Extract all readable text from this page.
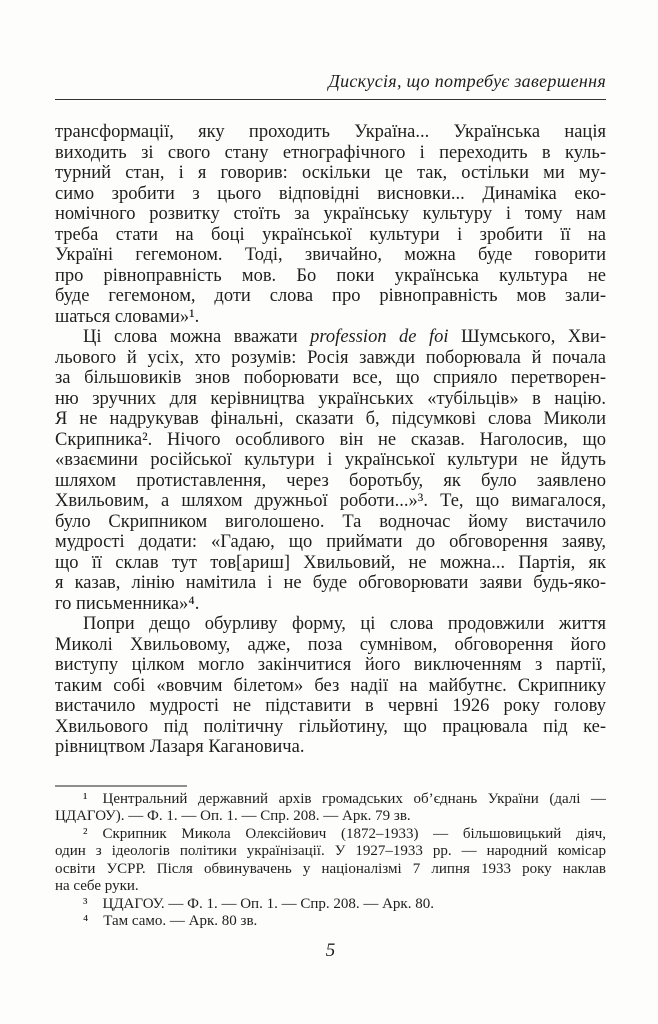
Дискусія, що потребує завершення
трансформації, яку проходить Україна... Українська нація
виходить зі свого стану етнографічного і переходить в куль-
турний стан, і я говорив: оскільки це так, остільки ми му-
симо зробити з цього відповідні висновки... Динаміка еко-
номічного розвитку стоїть за українську культуру і тому нам
треба стати на боці української культури і зробити її на
Україні гегемоном. Тоді, звичайно, можна буде говорити
про рівноправність мов. Бо поки українська культура не
буде гегемоном, доти слова про рівноправність мов зали-
шаться словами»¹.
Ці слова можна вважати profession de foi Шумського, Хви-
льового й усіх, хто розумів: Росія завжди поборювала й почала
за більшовиків знов поборювати все, що сприяло перетворен-
ню зручних для керівництва українських «тубільців» в націю.
Я не надрукував фінальні, сказати б, підсумкові слова Миколи
Скрипника². Нічого особливого він не сказав. Наголосив, що
«взаємини російської культури і української культури не йдуть
шляхом протиставлення, через боротьбу, як було заявлено
Хвильовим, а шляхом дружньої роботи...»³. Те, що вимагалося,
було Скрипником виголошено. Та водночас йому вистачило
мудрості додати: «Гадаю, що приймати до обговорення заяву,
що її склав тут тов[ариш] Хвильовий, не можна... Партія, як
я казав, лінію намітила і не буде обговорювати заяви будь-яко-
го письменника»⁴.
Попри дещо обурливу форму, ці слова продовжили життя
Миколі Хвильовому, адже, поза сумнівом, обговорення його
виступу цілком могло закінчитися його виключенням з партії,
таким собі «вовчим білетом» без надії на майбутнє. Скрипнику
вистачило мудрості не підставити в червні 1926 року голову
Хвильового під політичну гільйотину, що працювала під ке-
рівництвом Лазаря Кагановича.
¹ Центральний державний архів громадських об’єднань України (далі —
ЦДАГОУ). — Ф. 1. — Оп. 1. — Спр. 208. — Арк. 79 зв.
² Скрипник Микола Олексійович (1872–1933) — більшовицький діяч,
один з ідеологів політики українізації. У 1927–1933 рр. — народний комісар
освіти УСРР. Після обвинувачень у націоналізмі 7 липня 1933 року наклав
на себе руки.
³ ЦДАГОУ. — Ф. 1. — Оп. 1. — Спр. 208. — Арк. 80.
⁴ Там само. — Арк. 80 зв.
5
